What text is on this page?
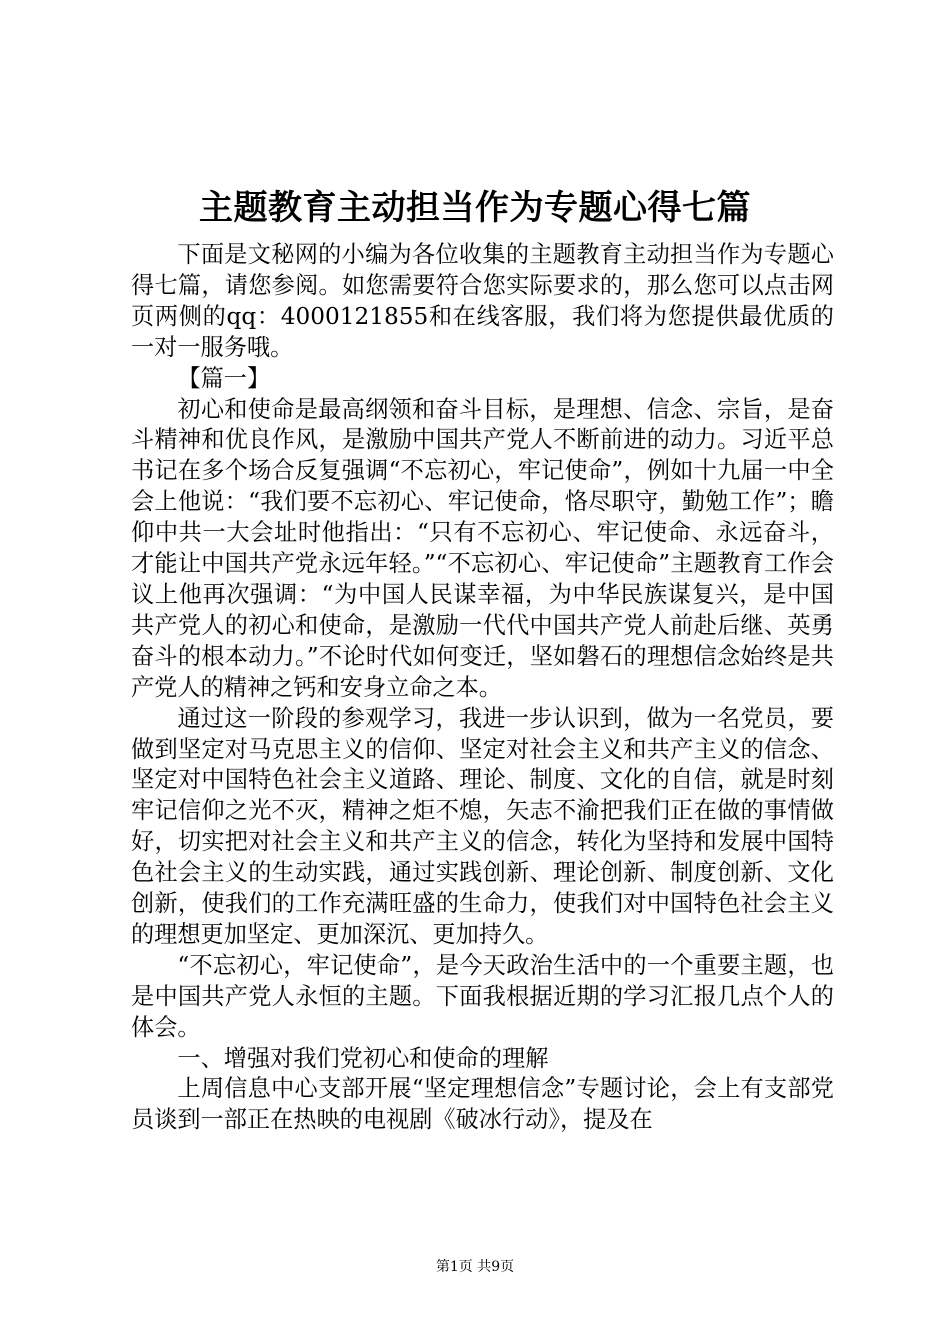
主题教育主动担当作为专题心得七篇

下面是文秘网的小编为各位收集的主题教育主动担当作为专题心得七篇，请您参阅。如您需要符合您实际要求的，那么您可以点击网页两侧的qq：4000121855和在线客服，我们将为您提供最优质的一对一服务哦。

【篇一】

初心和使命是最高纲领和奋斗目标，是理想、信念、宗旨，是奋斗精神和优良作风，是激励中国共产党人不断前进的动力。习近平总书记在多个场合反复强调“不忘初心，牢记使命”，例如十九届一中全会上他说：“我们要不忘初心、牢记使命，恪尽职守，勤勉工作”；瞻仰中共一大会址时他指出：“只有不忘初心、牢记使命、永远奋斗，才能让中国共产党永远年轻。”“不忘初心、牢记使命”主题教育工作会议上他再次强调：“为中国人民谋幸福，为中华民族谋复兴，是中国共产党人的初心和使命，是激励一代代中国共产党人前赴后继、英勇奋斗的根本动力。”不论时代如何变迁，坚如磐石的理想信念始终是共产党人的精神之钙和安身立命之本。

通过这一阶段的参观学习，我进一步认识到，做为一名党员，要做到坚定对马克思主义的信仰、坚定对社会主义和共产主义的信念、坚定对中国特色社会主义道路、理论、制度、文化的自信，就是时刻牢记信仰之光不灭，精神之炬不熄，矢志不渝把我们正在做的事情做好，切实把对社会主义和共产主义的信念，转化为坚持和发展中国特色社会主义的生动实践，通过实践创新、理论创新、制度创新、文化创新，使我们的工作充满旺盛的生命力，使我们对中国特色社会主义的理想更加坚定、更加深沉、更加持久。

“不忘初心，牢记使命”，是今天政治生活中的一个重要主题，也是中国共产党人永恒的主题。下面我根据近期的学习汇报几点个人的体会。

一、增强对我们党初心和使命的理解

上周信息中心支部开展“坚定理想信念”专题讨论，会上有支部党员谈到一部正在热映的电视剧《破冰行动》，提及在

第1页 共9页
